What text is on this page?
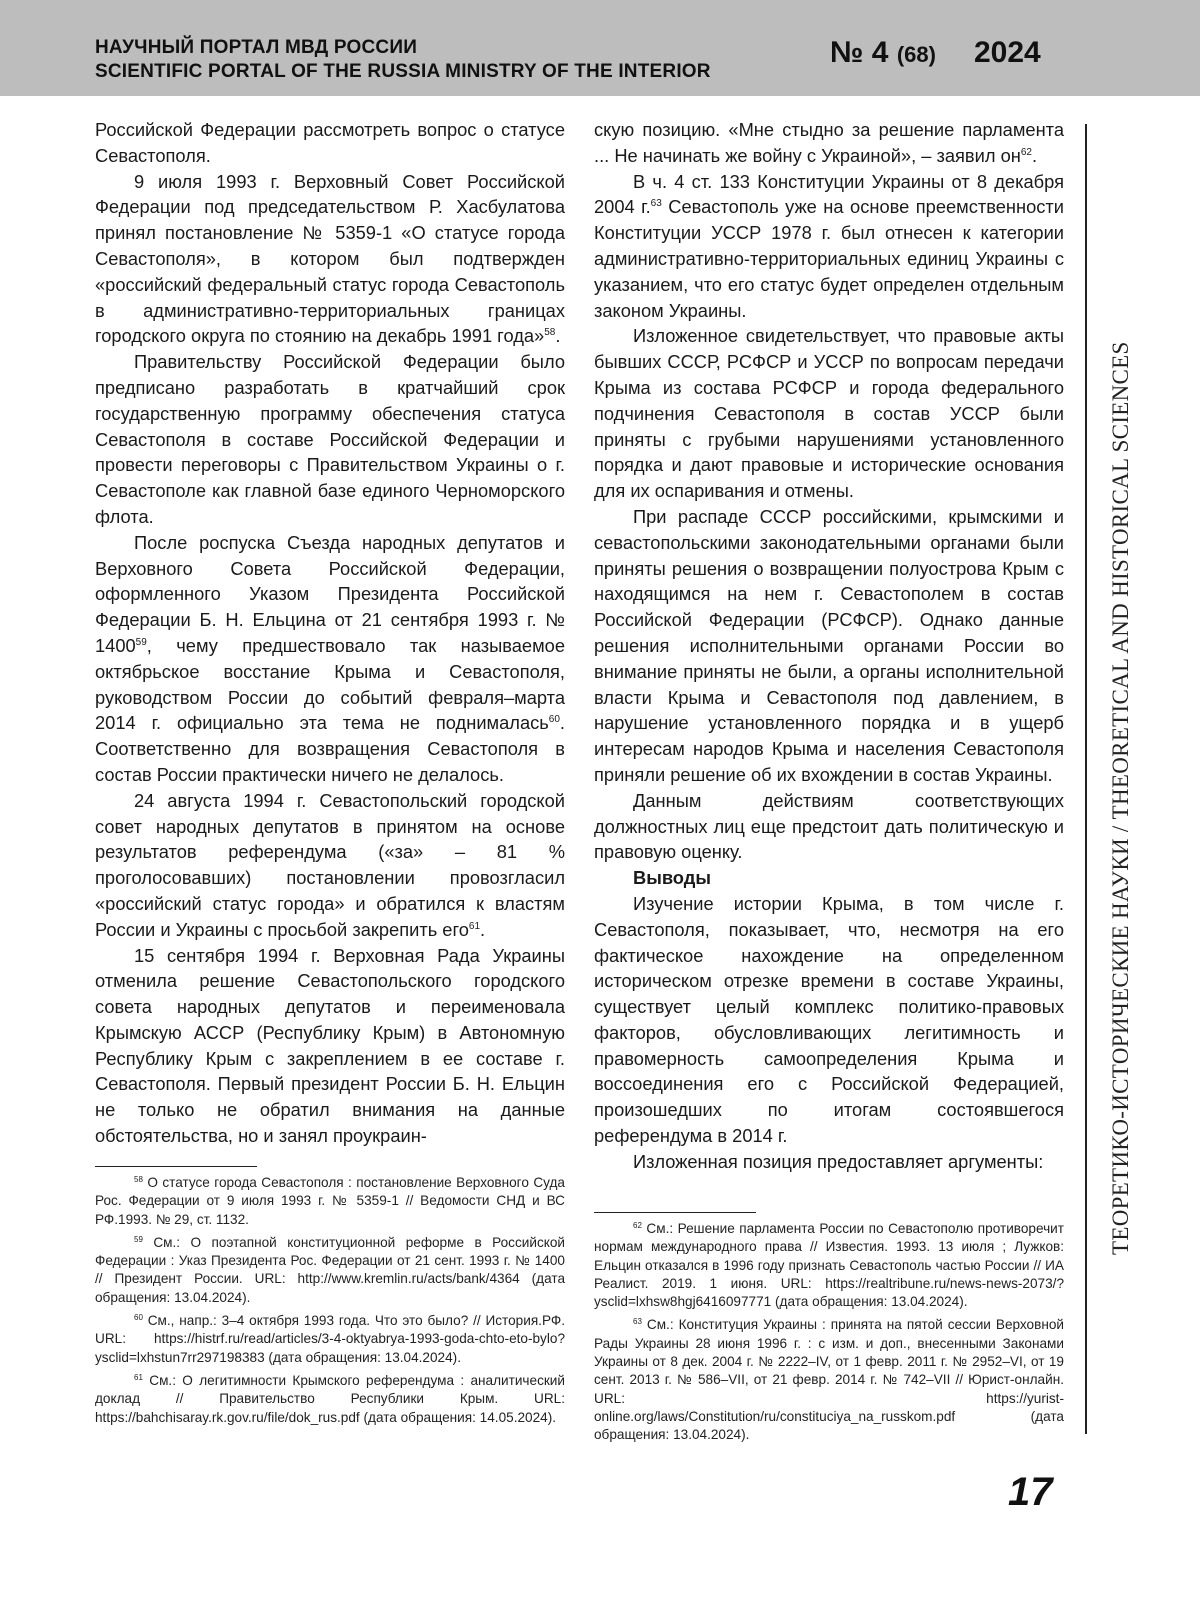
НАУЧНЫЙ ПОРТАЛ МВД РОССИИ
SCIENTIFIC PORTAL OF THE RUSSIA MINISTRY OF THE INTERIOR
№ 4 (68) 2024

Российской Федерации рассмотреть вопрос о статусе Севастополя.

9 июля 1993 г. Верховный Совет Российской Федерации под председательством Р. Хасбулатова принял постановление № 5359-1 «О статусе города Севастополя», в котором был подтвержден «российский федеральный статус города Севастополь в административно-территориальных границах городского округа по стоянию на декабрь 1991 года»$^{58}$.

Правительству Российской Федерации было предписано разработать в кратчайший срок государственную программу обеспечения статуса Севастополя в составе Российской Федерации и провести переговоры с Правительством Украины о г. Севастополе как главной базе единого Черноморского флота.

После роспуска Съезда народных депутатов и Верховного Совета Российской Федерации, оформленного Указом Президента Российской Федерации Б. Н. Ельцина от 21 сентября 1993 г. № 1400$^{59}$, чему предшествовало так называемое октябрьское восстание Крыма и Севастополя, руководством России до событий февраля–марта 2014 г. официально эта тема не поднималась$^{60}$. Соответственно для возвращения Севастополя в состав России практически ничего не делалось.

24 августа 1994 г. Севастопольский городской совет народных депутатов в принятом на основе результатов референдума («за» – 81 % проголосовавших) постановлении провозгласил «российский статус города» и обратился к властям России и Украины с просьбой закрепить его$^{61}$.

15 сентября 1994 г. Верховная Рада Украины отменила решение Севастопольского городского совета народных депутатов и переименовала Крымскую АССР (Республику Крым) в Автономную Республику Крым с закреплением в ее составе г. Севастополя. Первый президент России Б. Н. Ельцин не только не обратил внимания на данные обстоятельства, но и занял проукраин-

скую позицию. «Мне стыдно за решение парламента ... Не начинать же войну с Украиной», – заявил $он^{62}$.

В ч. 4 ст. 133 Конституции Украины от 8 декабря 2004 г.$^{63}$ Севастополь уже на основе преемственности Конституции УССР 1978 г. был отнесен к категории административно-территориальных единиц Украины с указанием, что его статус будет определен отдельным законом Украины.

Изложенное свидетельствует, что правовые акты бывших СССР, РСФСР и УССР по вопросам передачи Крыма из состава РСФСР и города федерального подчинения Севастополя в состав УССР были приняты с грубыми нарушениями установленного порядка и дают правовые и исторические основания для их оспаривания и отмены.

При распаде СССР российскими, крымскими и севастопольскими законодательными органами были приняты решения о возвращении полуострова Крым с находящимся на нем г. Севастополем в состав Российской Федерации (РСФСР). Однако данные решения исполнительными органами России во внимание приняты не были, а органы исполнительной власти Крыма и Севастополя под давлением, в нарушение установленного порядка и в ущерб интересам народов Крыма и населения Севастополя приняли решение об их вхождении в состав Украины.

Данным действиям соответствующих должностных лиц еще предстоит дать политическую и правовую оценку.

Выводы

Изучение истории Крыма, в том числе г. Севастополя, показывает, что, несмотря на его фактическое нахождение на определенном историческом отрезке времени в составе Украины, существует целый комплекс политико-правовых факторов, обусловливающих легитимность и правомерность самоопределения Крыма и воссоединения его с Российской Федерацией, произошедших по итогам состоявшегося референдума в 2014 г.

Изложенная позиция предоставляет аргументы:

$^{58}$ О статусе города Севастополя : постановление Верховного Суда Рос. Федерации от 9 июля 1993 г. № 5359-1 // Ведомости СНД и ВС РФ.1993. № 29, ст. 1132.

$^{59}$ См.: О поэтапной конституционной реформе в Российской Федерации : Указ Президента Рос. Федерации от 21 сент. 1993 г. № 1400 // Президент России. URL: http://www.kremlin.ru/acts/bank/4364 (дата обращения: 13.04.2024).

$^{60}$ См., напр.: 3–4 октября 1993 года. Что это было? // История.РФ. URL: https://histrf.ru/read/articles/3-4-oktyabrya-1993-goda-chto-eto-bylo?ysclid=lxhstun7rr297198383 (дата обращения: 13.04.2024).

$^{61}$ См.: О легитимности Крымского референдума : аналитический доклад // Правительство Республики Крым. URL: https://bahchisaray.rk.gov.ru/file/dok_rus.pdf (дата обращения: 14.05.2024).

$^{62}$ См.: Решение парламента России по Севастополю противоречит нормам международного права // Известия. 1993. 13 июля ; Лужков: Ельцин отказался в 1996 году признать Севастополь частью России // ИА Реалист. 2019. 1 июня. URL: https://realtribune.ru/news-news-2073/?ysclid=lxhsw8hgj6416097771 (дата обращения: 13.04.2024).

$^{63}$ См.: Конституция Украины : принята на пятой сессии Верховной Рады Украины 28 июня 1996 г. : с изм. и доп., внесенными Законами Украины от 8 дек. 2004 г. № 2222–IV, от 1 февр. 2011 г. № 2952–VI, от 19 сент. 2013 г. № 586–VII, от 21 февр. 2014 г. № 742–VII // Юрист-онлайн. URL: https://yurist-online.org/laws/Constitution/ru/constituciya_na_russkom.pdf (дата обращения: 13.04.2024).

ТЕОРЕТИКО-ИСТОРИЧЕСКИЕ НАУКИ / THEORETICAL AND HISTORICAL SCIENCES
17
